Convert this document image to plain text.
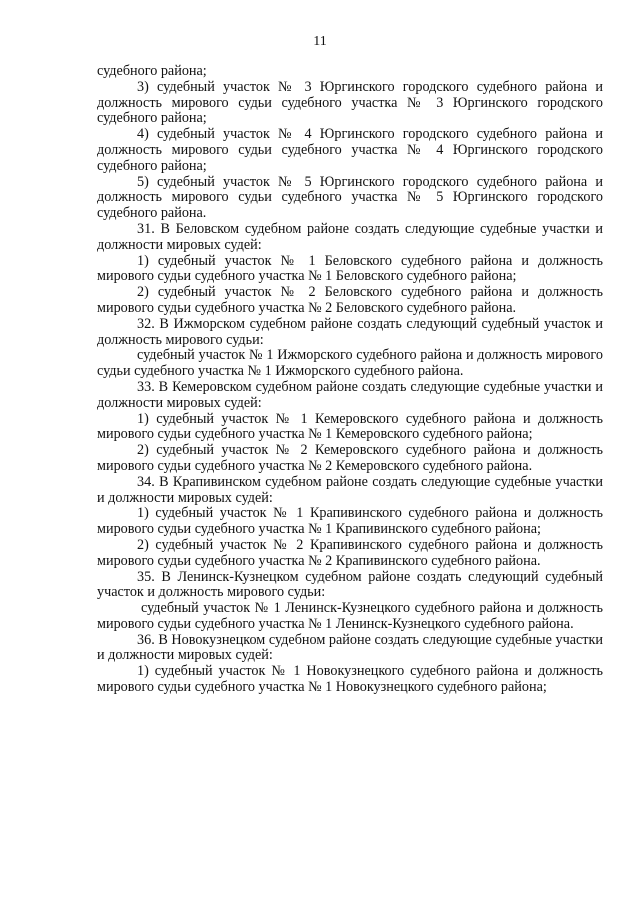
11

судебного района;

3) судебный участок № 3 Юргинского городского судебного района и должность мирового судьи судебного участка № 3 Юргинского городского судебного района;

4) судебный участок № 4 Юргинского городского судебного района и должность мирового судьи судебного участка № 4 Юргинского городского судебного района;

5) судебный участок № 5 Юргинского городского судебного района и должность мирового судьи судебного участка № 5 Юргинского городского судебного района.

31. В Беловском судебном районе создать следующие судебные участки и должности мировых судей:

1) судебный участок № 1 Беловского судебного района и должность мирового судьи судебного участка № 1 Беловского судебного района;

2) судебный участок № 2 Беловского судебного района и должность мирового судьи судебного участка № 2 Беловского судебного района.

32. В Ижморском судебном районе создать следующий судебный участок и должность мирового судьи:

судебный участок № 1 Ижморского судебного района и должность мирового судьи судебного участка № 1 Ижморского судебного района.

33. В Кемеровском судебном районе создать следующие судебные участки и должности мировых судей:

1) судебный участок № 1 Кемеровского судебного района и должность мирового судьи судебного участка № 1 Кемеровского судебного района;

2) судебный участок № 2 Кемеровского судебного района и должность мирового судьи судебного участка № 2 Кемеровского судебного района.

34. В Крапивинском судебном районе создать следующие судебные участки и должности мировых судей:

1) судебный участок № 1 Крапивинского судебного района и должность мирового судьи судебного участка № 1 Крапивинского судебного района;

2) судебный участок № 2 Крапивинского судебного района и должность мирового судьи судебного участка № 2 Крапивинского судебного района.

35. В Ленинск-Кузнецком судебном районе создать следующий судебный участок и должность мирового судьи:

судебный участок № 1 Ленинск-Кузнецкого судебного района и должность мирового судьи судебного участка № 1 Ленинск-Кузнецкого судебного района.

36. В Новокузнецком судебном районе создать следующие судебные участки и должности мировых судей:

1) судебный участок № 1 Новокузнецкого судебного района и должность мирового судьи судебного участка № 1 Новокузнецкого судебного района;
